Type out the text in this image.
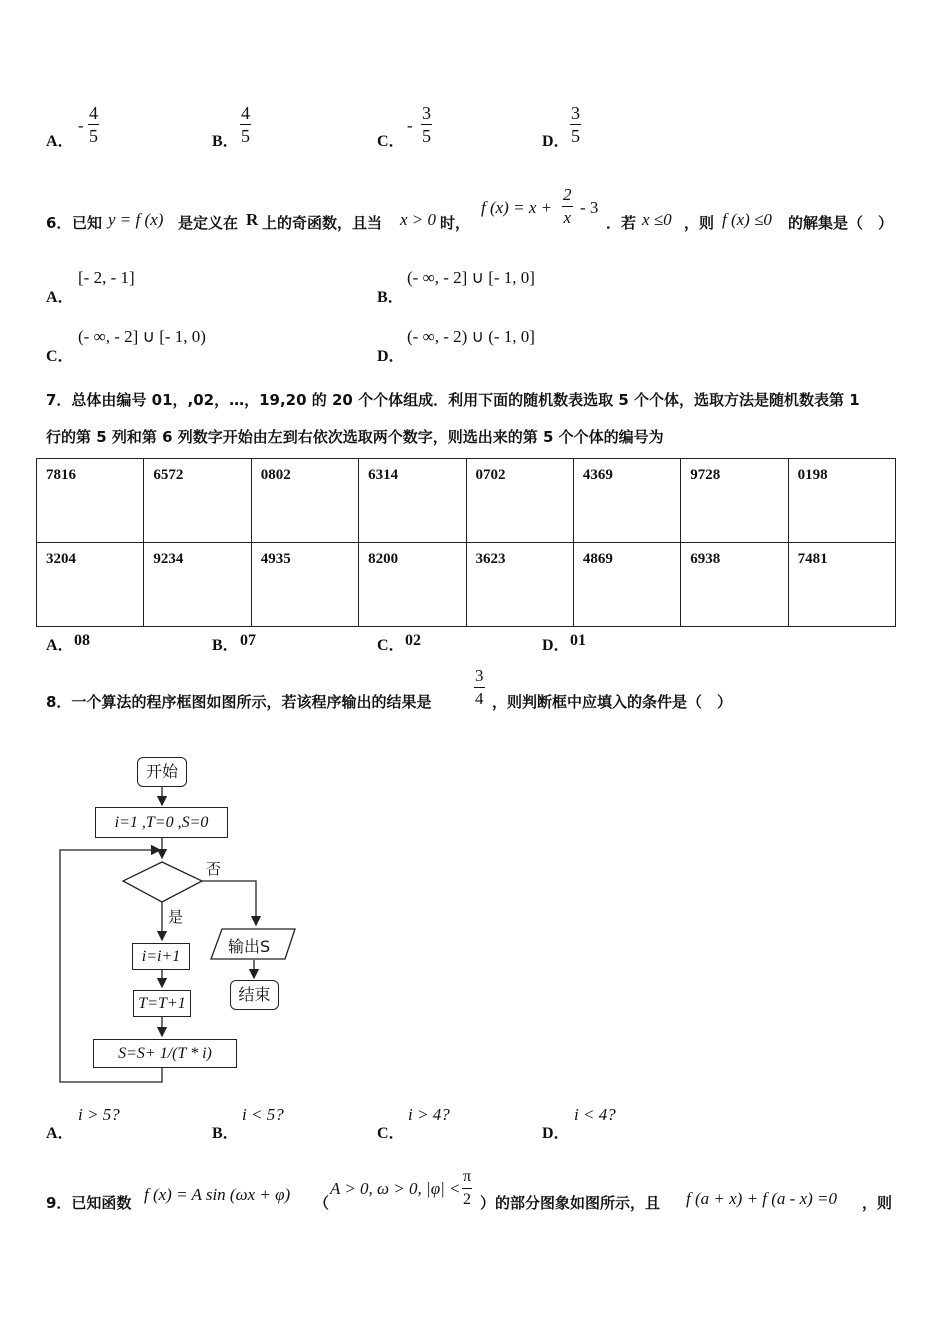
A．
- $\frac{4}{5}$	B． $\frac{4}{5}$	C．
- $\frac{3}{5}$	D． $\frac{3}{5}$
6． 已知 y = f (x) 是定义在 R 上的奇函数，且当 x > 0 时，
f $(x) = x + \frac{2}{x} - 3$
．若 x ≤0 ，则 f (x) ≤0 的解集是（　）
A．
[- 2, - 1]
B．
(- ∞, - 2] ∪ [- 1, 0]
C．
(- ∞, - 2] ∪ [- 1, 0)
D．
(- ∞, - 2) ∪ (- 1, 0]
7．总体由编号 01，,02，…，19,20 的 20 个个体组成．利用下面的随机数表选取 5 个个体，选取方法是随机数表第 1
行的第 5 列和第 6 列数字开始由左到右依次选取两个数字，则选出来的第 5 个个体的编号为
7816	6572	0802	6314	0702	4369	9728	0198
3204	9234	4935	8200	3623	4869	6938	7481
A． 08	B． 07	C． 02	D． 01
8．一个算法的程序框图如图所示，若该程序输出的结果是	$\frac{3}{4}$ ，则判断框中应填入的条件是（　）
开始
i=1 ,T=0 ,S=0
否
是
i=i+1
T=T+1
S=S+ 1/(T * i)
输出S
结束
A．
i > 5?
B．
i < 5?
C．
i > 4?
D．
i < 4?
9．已知函数 f (x) = A sin (ωx + φ) （
A > 0, ω > 0, $|\varphi| < \frac{\pi}{2}$ ）的部分图象如图所示，且 f (a + x) + f (a - x) =0 ，则
